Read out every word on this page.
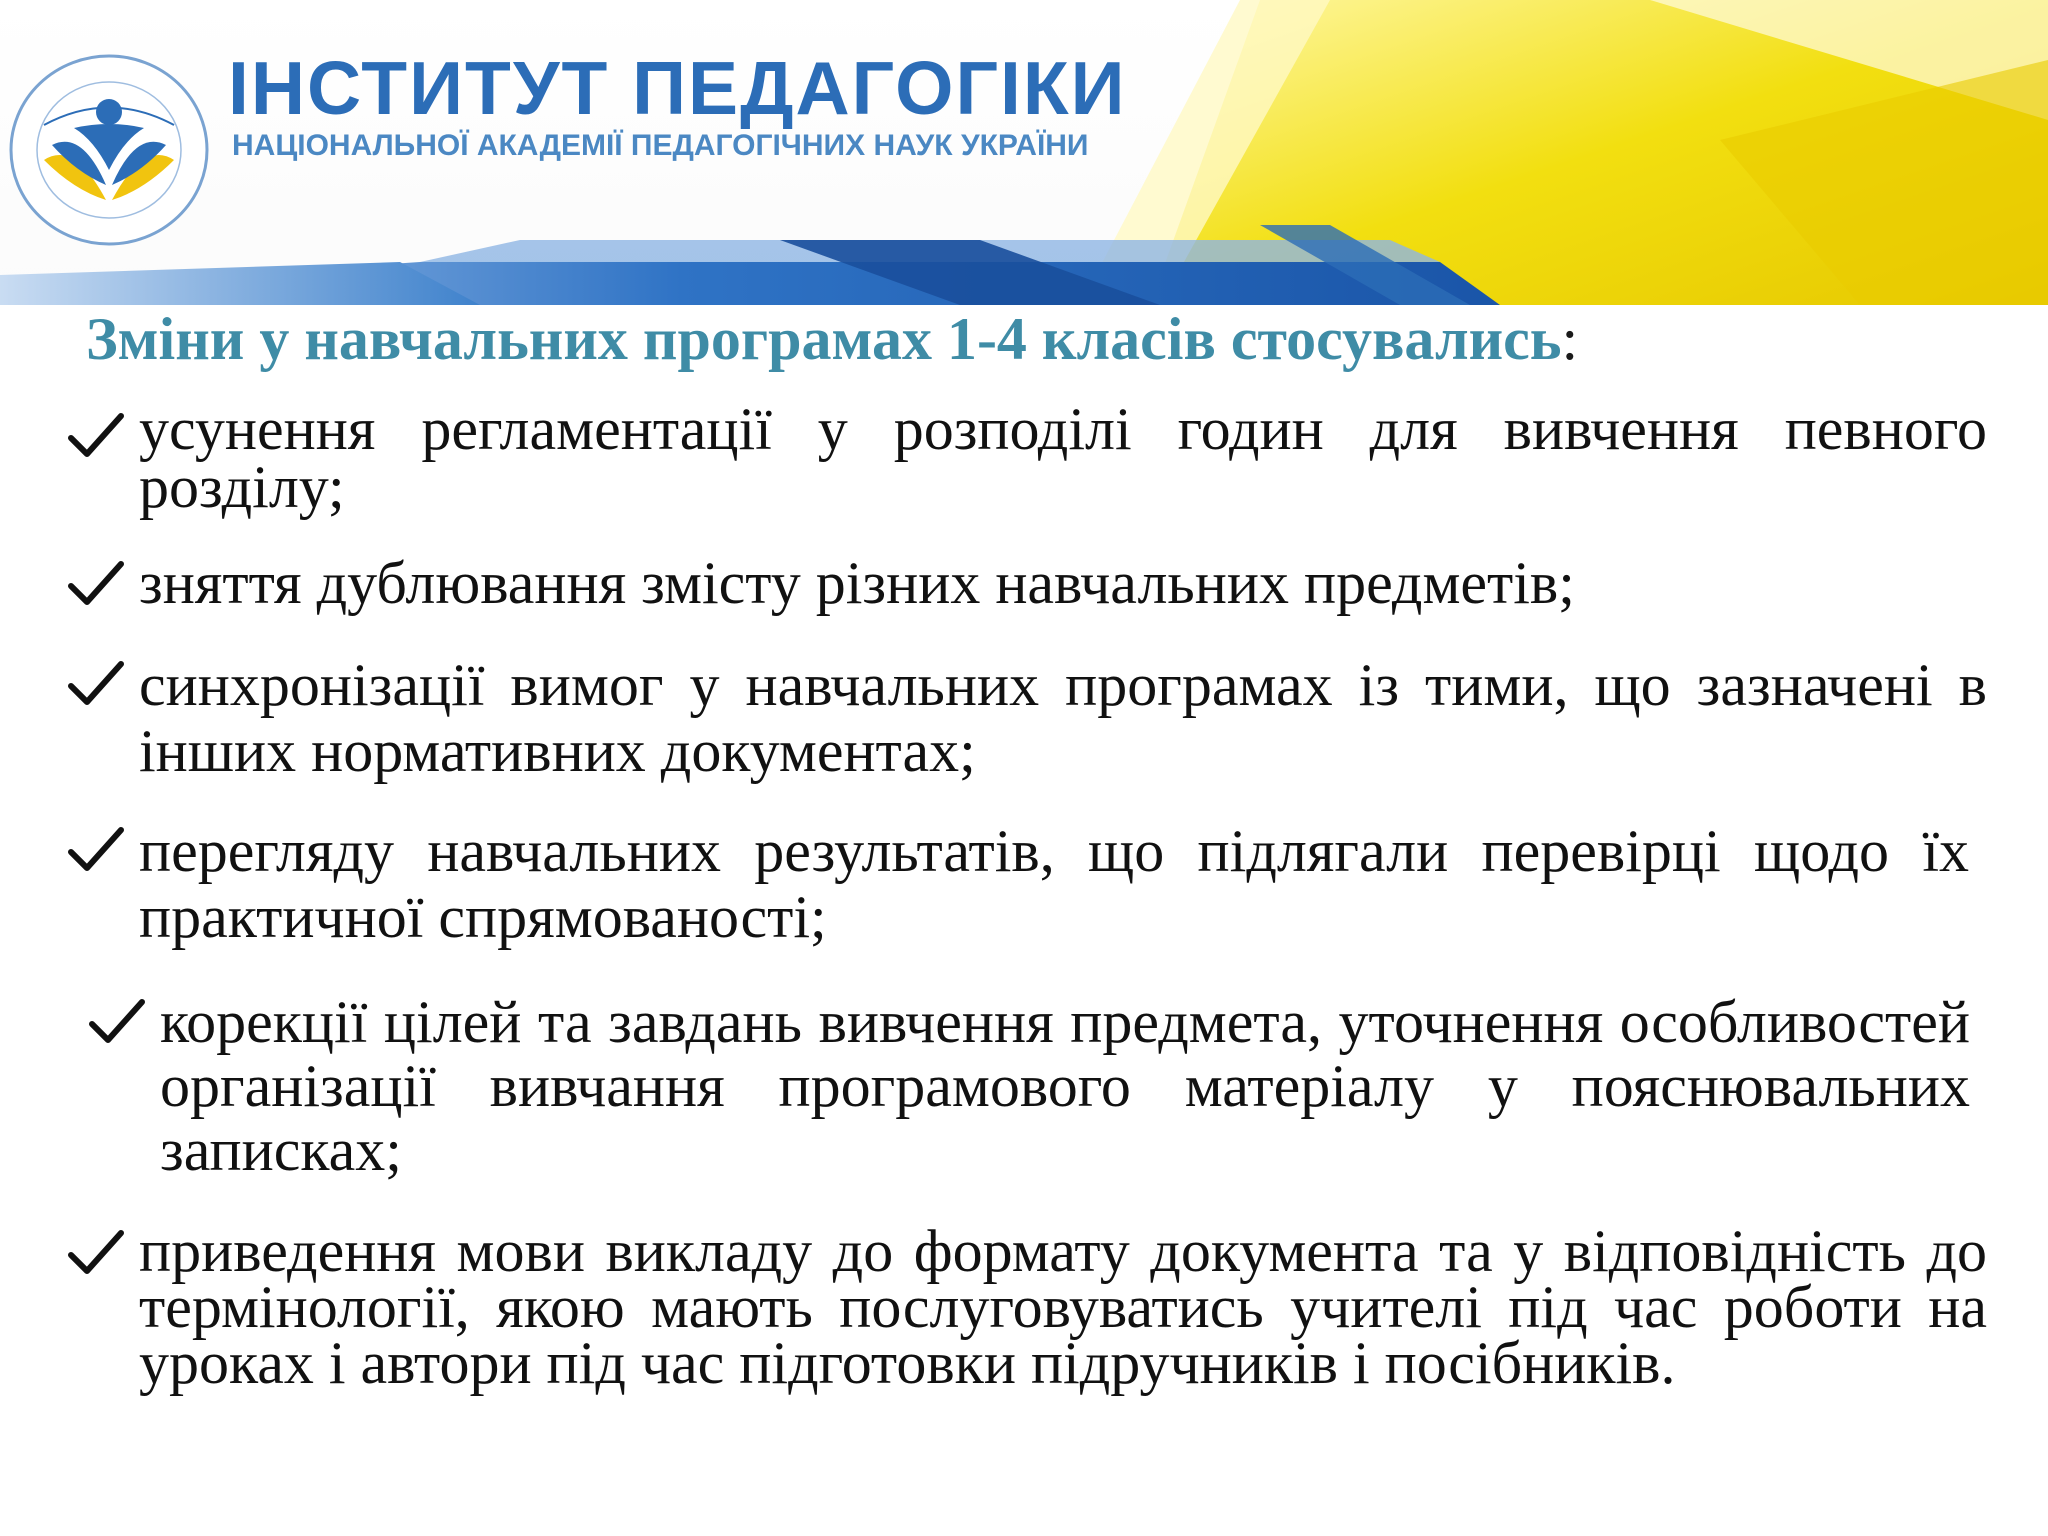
ІНСТИТУТ ПЕДАГОГІКИ
НАЦІОНАЛЬНОЇ АКАДЕМІЇ ПЕДАГОГІЧНИХ НАУК УКРАЇНИ
Зміни у навчальних програмах 1-4 класів стосувались:

усунення регламентації у розподілі годин для вивчення певного розділу;

зняття дублювання змісту різних навчальних предметів;

синхронізації вимог у навчальних програмах із тими, що зазначені в інших нормативних документах;

перегляду навчальних результатів, що підлягали перевірці щодо їх практичної спрямованості;

корекції цілей та завдань вивчення предмета, уточнення особливостей організації вивчання програмового матеріалу у пояснювальних записках;

приведення мови викладу до формату документа та у відповідність до термінології, якою мають послуговуватись учителі під час роботи на уроках і автори під час підготовки підручників і посібників.
